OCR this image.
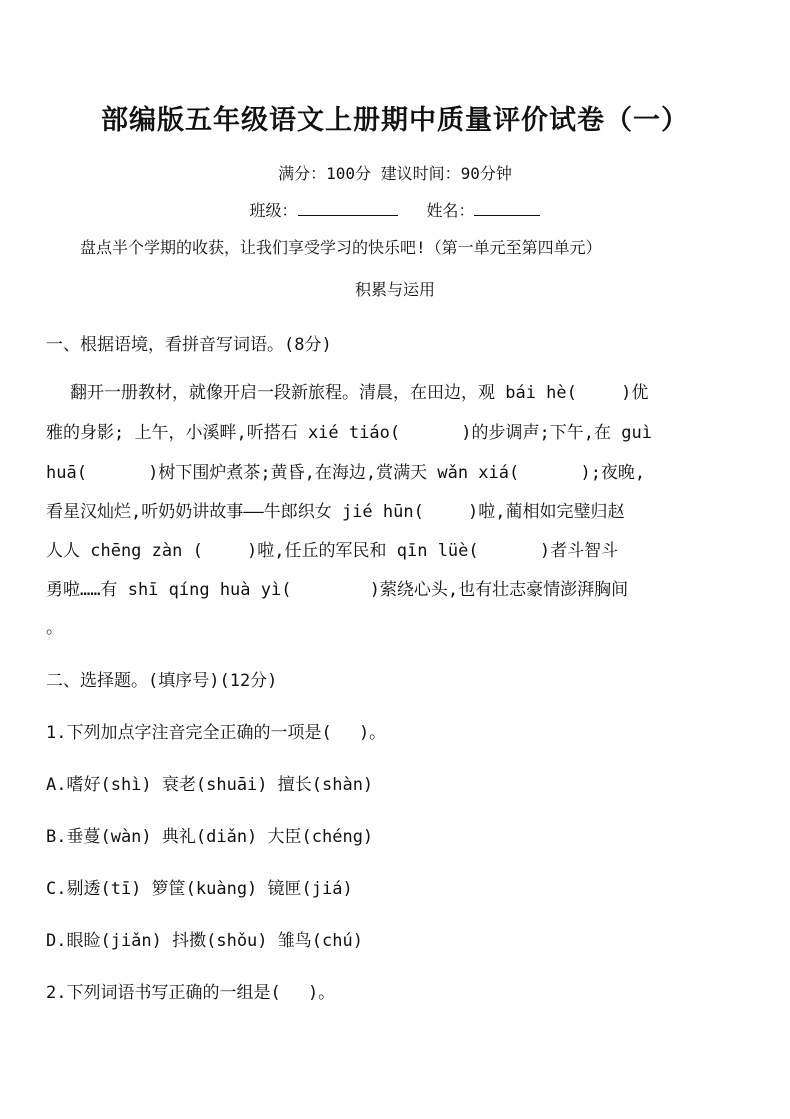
部编版五年级语文上册期中质量评价试卷（一）
满分：100分 建议时间：90分钟
班级：	姓名：
盘点半个学期的收获，让我们享受学习的快乐吧!（第一单元至第四单元）
积累与运用
一、根据语境，看拼音写词语。(8分)
翻开一册教材，就像开启一段新旅程。清晨，在田边，观 bái hè(　　 )优
雅的身影; 上午，小溪畔,听搭石 xié tiáo(　　　 )的步调声;下午,在 guì
huā(　　　 )树下围炉煮茶;黄昏,在海边,赏满天 wǎn xiá(　　　 );夜晚,
看星汉灿烂,听奶奶讲故事——牛郎织女 jié hūn(　　 )啦,蔺相如完璧归赵
人人 chēng zàn (　　 )啦,任丘的军民和 qīn lüè(　　　 )者斗智斗
勇啦……有 shī qíng huà yì(　　　　 )萦绕心头,也有壮志豪情澎湃胸间
。
二、选择题。(填序号)(12分)
1.下列加点字注音完全正确的一项是(　 )。
A.嗜好(shì) 衰老(shuāi) 擅长(shàn)
B.垂蔓(wàn) 典礼(diǎn) 大臣(chéng)
C.剔透(tī) 箩筐(kuàng) 镜匣(jiá)
D.眼睑(jiǎn) 抖擞(shǒu) 雏鸟(chú)
2.下列词语书写正确的一组是(　 )。
